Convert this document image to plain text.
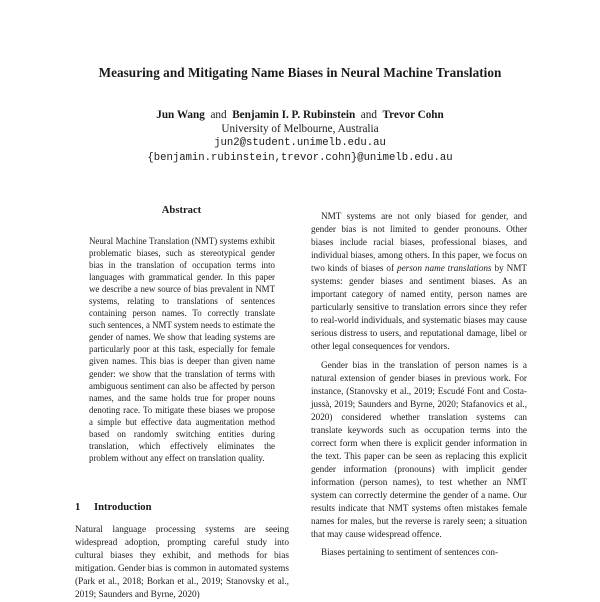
Measuring and Mitigating Name Biases in Neural Machine Translation
Jun Wang and Benjamin I. P. Rubinstein and Trevor Cohn
University of Melbourne, Australia
jun2@student.unimelb.edu.au
{benjamin.rubinstein,trevor.cohn}@unimelb.edu.au
Abstract

Neural Machine Translation (NMT) systems exhibit problematic biases, such as stereotypical gender bias in the translation of occupation terms into languages with grammatical gender. In this paper we describe a new source of bias prevalent in NMT systems, relating to translations of sentences containing person names. To correctly translate such sentences, a NMT system needs to estimate the gender of names. We show that leading systems are particularly poor at this task, especially for female given names. This bias is deeper than given name gender: we show that the translation of terms with ambiguous sentiment can also be affected by person names, and the same holds true for proper nouns denoting race. To mitigate these biases we propose a simple but effective data augmentation method based on randomly switching entities during translation, which effectively eliminates the problem without any effect on translation quality.

1 Introduction

Natural language processing systems are seeing widespread adoption, prompting careful study into cultural biases they exhibit, and methods for bias mitigation. Gender bias is common in automated systems (Park et al., 2018; Borkan et al., 2019; Stanovsky et al., 2019; Saunders and Byrne, 2020)

NMT systems are not only biased for gender, and gender bias is not limited to gender pronouns. Other biases include racial biases, professional biases, and individual biases, among others. In this paper, we focus on two kinds of biases of person name translations by NMT systems: gender biases and sentiment biases. As an important category of named entity, person names are particularly sensitive to translation errors since they refer to real-world individuals, and systematic biases may cause serious distress to users, and reputational damage, libel or other legal consequences for vendors.

Gender bias in the translation of person names is a natural extension of gender biases in previous work. For instance, (Stanovsky et al., 2019; Escudé Font and Costa-jussà, 2019; Saunders and Byrne, 2020; Stafanovics et al., 2020) considered whether translation systems can translate keywords such as occupation terms into the correct form when there is explicit gender information in the text. This paper can be seen as replacing this explicit gender information (pronouns) with implicit gender information (person names), to test whether an NMT system can correctly determine the gender of a name. Our results indicate that NMT systems often mistakes female names for males, but the reverse is rarely seen; a situation that may cause widespread offence.

Biases pertaining to sentiment of sentences con-
